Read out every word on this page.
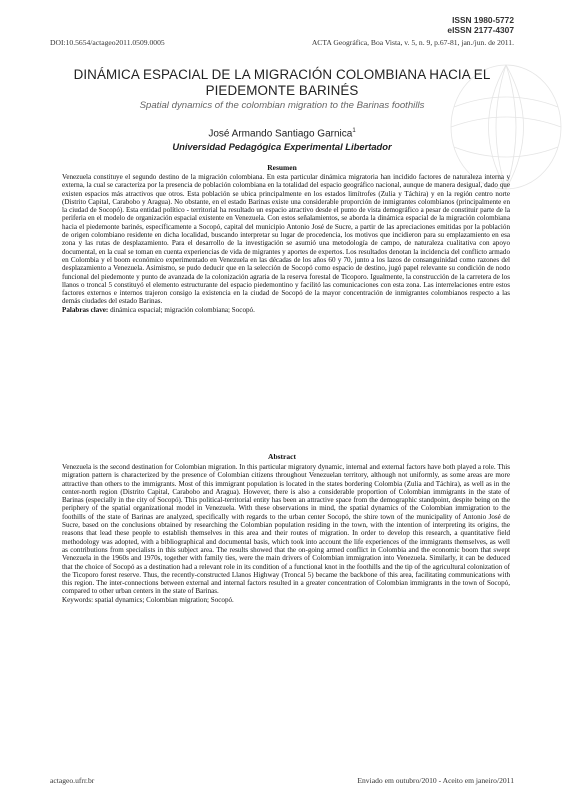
ISSN 1980-5772
eISSN 2177-4307
DOI:10.5654/actageo2011.0509.0005	ACTA Geográfica, Boa Vista, v. 5, n. 9, p.67-81, jan./jun. de 2011.
DINÁMICA ESPACIAL DE LA MIGRACIÓN COLOMBIANA HACIA EL
PIEDEMONTE BARINÉS
Spatial dynamics of the colombian migration to the Barinas foothills
José Armando Santiago Garnica$^1$
Universidad Pedagógica Experimental Libertador
Resumen

Venezuela constituye el segundo destino de la migración colombiana. En esta particular dinámica migratoria han incidido factores de naturaleza interna y externa, la cual se caracteriza por la presencia de población colombiana en la totalidad del espacio geográfico nacional, aunque de manera desigual, dado que existen espacios más atractivos que otros. Esta población se ubica principalmente en los estados limítrofes (Zulia y Táchira) y en la región centro norte (Distrito Capital, Carabobo y Aragua). No obstante, en el estado Barinas existe una considerable proporción de inmigrantes colombianos (principalmente en la ciudad de Socopó). Esta entidad político - territorial ha resultado un espacio atractivo desde el punto de vista demográfico a pesar de constituir parte de la periferia en el modelo de organización espacial existente en Venezuela. Con estos señalamientos, se aborda la dinámica espacial de la migración colombiana hacia el piedemonte barinés, específicamente a Socopó, capital del municipio Antonio José de Sucre, a partir de las apreciaciones emitidas por la población de origen colombiano residente en dicha localidad, buscando interpretar su lugar de procedencia, los motivos que incidieron para su emplazamiento en esa zona y las rutas de desplazamiento. Para el desarrollo de la investigación se asumió una metodología de campo, de naturaleza cualitativa con apoyo documental, en la cual se toman en cuenta experiencias de vida de migrantes y aportes de expertos. Los resultados denotan la incidencia del conflicto armado en Colombia y el boom económico experimentado en Venezuela en las décadas de los años 60 y 70, junto a los lazos de consanguinidad como razones del desplazamiento a Venezuela. Asimismo, se pudo deducir que en la selección de Socopó como espacio de destino, jugó papel relevante su condición de nodo funcional del piedemonte y punto de avanzada de la colonización agraria de la reserva forestal de Ticoporo. Igualmente, la construcción de la carretera de los llanos o troncal 5 constituyó el elemento estructurante del espacio piedemontino y facilitó las comunicaciones con esta zona. Las interrelaciones entre estos factores externos e internos trajeron consigo la existencia en la ciudad de Socopó de la mayor concentración de inmigrantes colombianos respecto a las demás ciudades del estado Barinas.
Palabras clave: dinámica espacial; migración colombiana; Socopó.

Abstract

Venezuela is the second destination for Colombian migration. In this particular migratory dynamic, internal and external factors have both played a role. This migration pattern is characterized by the presence of Colombian citizens throughout Venezuelan territory, although not uniformly, as some areas are more attractive than others to the immigrants. Most of this immigrant population is located in the states bordering Colombia (Zulia and Táchira), as well as in the center-north region (Distrito Capital, Carabobo and Aragua). However, there is also a considerable proportion of Colombian immigrants in the state of Barinas (especially in the city of Socopó). This political-territorial entity has been an attractive space from the demographic standpoint, despite being on the periphery of the spatial organizational model in Venezuela. With these observations in mind, the spatial dynamics of the Colombian immigration to the foothills of the state of Barinas are analyzed, specifically with regards to the urban center Socopó, the shire town of the municipality of Antonio José de Sucre, based on the conclusions obtained by researching the Colombian population residing in the town, with the intention of interpreting its origins, the reasons that lead these people to establish themselves in this area and their routes of migration. In order to develop this research, a quantitative field methodology was adopted, with a bibliographical and documental basis, which took into account the life experiences of the immigrants themselves, as well as contributions from specialists in this subject area. The results showed that the on-going armed conflict in Colombia and the economic boom that swept Venezuela in the 1960s and 1970s, together with family ties, were the main drivers of Colombian immigration into Venezuela. Similarly, it can be deduced that the choice of Socopó as a destination had a relevant role in its condition of a functional knot in the foothills and the tip of the agricultural colonization of the Ticoporo forest reserve. Thus, the recently-constructed Llanos Highway (Troncal 5) became the backbone of this area, facilitating communications with this region. The inter-connections between external and internal factors resulted in a greater concentration of Colombian immigrants in the town of Socopó, compared to other urban centers in the state of Barinas.
Keywords: spatial dynamics; Colombian migration; Socopó.

actageo.ufrr.br	Enviado em outubro/2010 - Aceito em janeiro/2011
